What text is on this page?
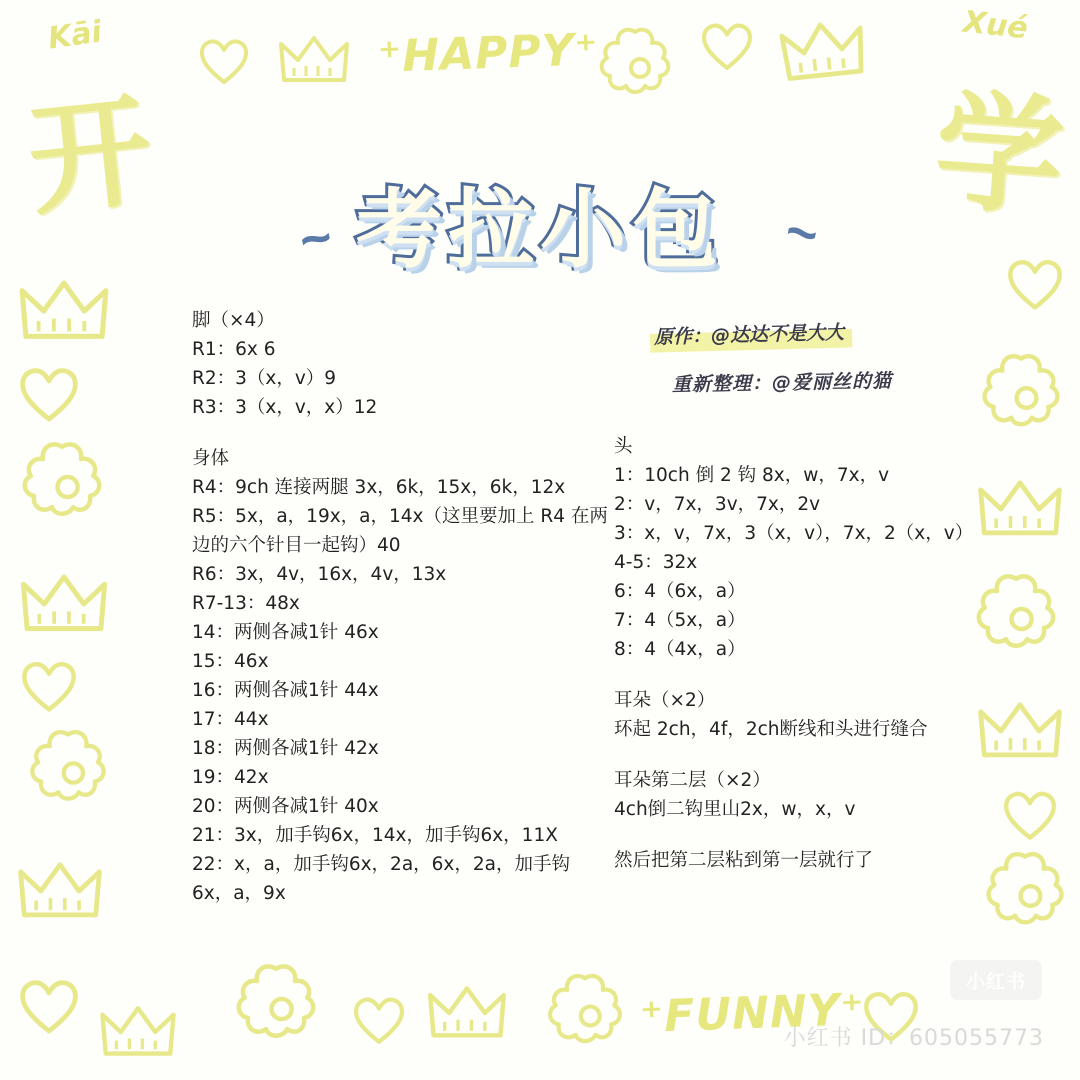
Kāi
开
Xué
学
⁺HAPPY⁺
⁺FUNNY⁺
~ 考拉小包 ~
原作：@达达不是大大
重新整理：@爱丽丝的猫
脚（×4）
R1：6x 6
R2：3（x，v）9
R3：3（x，v，x）12
身体
R4：9ch 连接两腿 3x，6k，15x，6k，12x
R5：5x，a，19x，a，14x（这里要加上 R4 在两边的六个针目一起钩）40
R6：3x，4v，16x，4v，13x
R7-13：48x
14：两侧各减1针 46x
15：46x
16：两侧各减1针 44x
17：44x
18：两侧各减1针 42x
19：42x
20：两侧各减1针 40x
21：3x，加手钩6x，14x，加手钩6x，11X
22：x，a，加手钩6x，2a，6x，2a，加手钩 6x，a，9x
头
1：10ch 倒 2 钩 8x，w，7x，v
2：v，7x，3v，7x，2v
3：x，v，7x，3（x，v），7x，2（x，v）
4-5：32x
6：4（6x，a）
7：4（5x，a）
8：4（4x，a）
耳朵（×2）
环起 2ch，4f，2ch断线和头进行缝合
耳朵第二层（×2）
4ch倒二钩里山2x，w，x，v
然后把第二层粘到第一层就行了
小红书
小红书 ID：605055773
